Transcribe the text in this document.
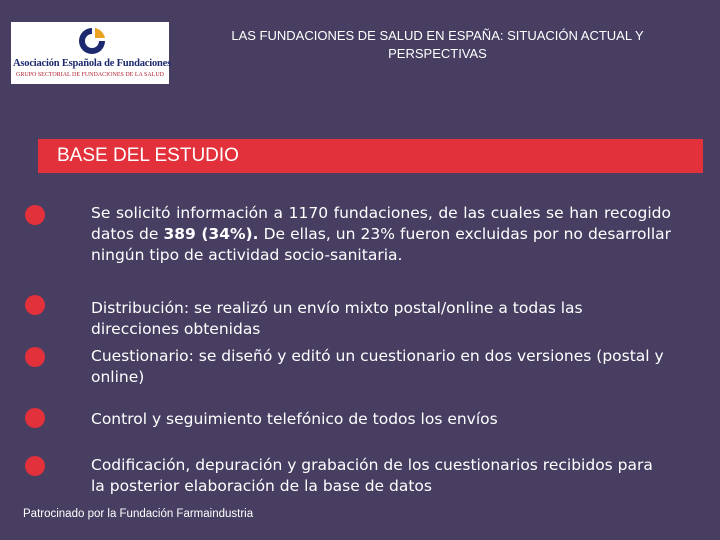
Asociación Española de Fundaciones
GRUPO SECTORIAL DE FUNDACIONES DE LA SALUD
LAS FUNDACIONES DE SALUD EN ESPAÑA: SITUACIÓN ACTUAL Y PERSPECTIVAS
BASE DEL ESTUDIO
Se solicitó información a 1170 fundaciones, de las cuales se han recogido datos de 389 (34%). De ellas, un 23% fueron excluidas por no desarrollar ningún tipo de actividad socio-sanitaria.
Distribución: se realizó un envío mixto postal/online a todas las direcciones obtenidas
Cuestionario: se diseñó y editó un cuestionario en dos versiones (postal y online)
Control y seguimiento telefónico de todos los envíos
Codificación, depuración y grabación de los cuestionarios recibidos para la posterior elaboración de la base de datos
Patrocinado por la Fundación Farmaindustria
